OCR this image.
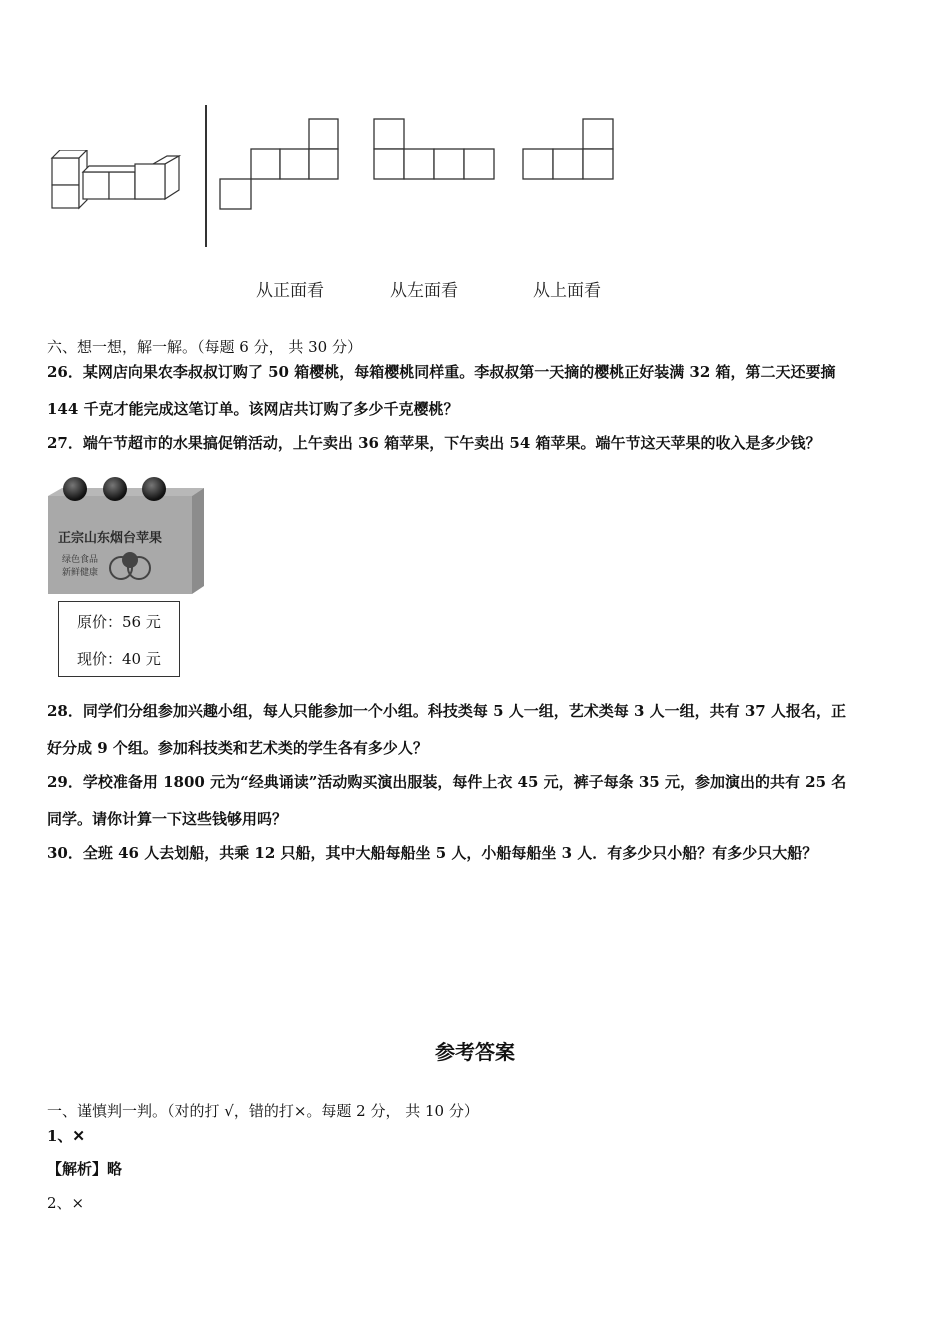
从正面看	从左面看	从上面看
六、想一想，解一解。（每题 6 分， 共 30 分）
26．某网店向果农李叔叔订购了 50 箱樱桃，每箱樱桃同样重。李叔叔第一天摘的樱桃正好装满 32 箱，第二天还要摘
144 千克才能完成这笔订单。该网店共订购了多少千克樱桃？
27．端午节超市的水果搞促销活动，上午卖出 36 箱苹果，下午卖出 54 箱苹果。端午节这天苹果的收入是多少钱？
正宗山东烟台苹果
绿色食品
新鲜健康
原价：56 元
现价：40 元
28．同学们分组参加兴趣小组，每人只能参加一个小组。科技类每 5 人一组，艺术类每 3 人一组，共有 37 人报名，正
好分成 9 个组。参加科技类和艺术类的学生各有多少人？
29．学校准备用 1800 元为“经典诵读”活动购买演出服装，每件上衣 45 元，裤子每条 35 元，参加演出的共有 25 名
同学。请你计算一下这些钱够用吗？
30．全班 46 人去划船，共乘 12 只船，其中大船每船坐 5 人，小船每船坐 3 人．有多少只小船？有多少只大船？
参考答案
一、谨慎判一判。（对的打 √，错的打×。每题 2 分， 共 10 分）
1、✕
【解析】略
2、×
